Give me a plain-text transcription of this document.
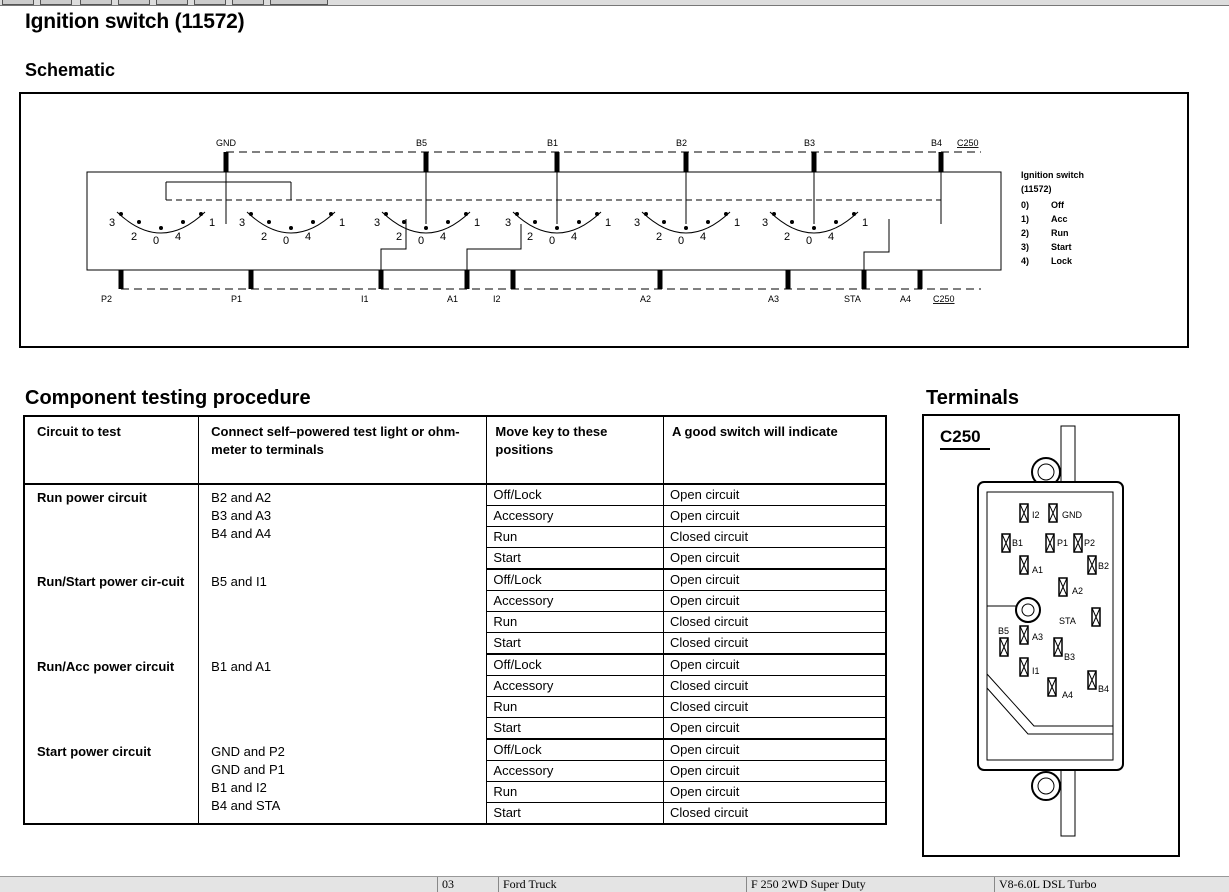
Ignition switch (11572)
Schematic
GND	B5	B1	B2	B3	B4 C250
P2	P1	I1	A1	I2	A2	A3	STA	A4 C250
3
2 0 4
1 3
2 0 4
1	3
2 0 4
1 3
2 0 4
1 3
2 0 4
1 3
2 0 4
1
Ignition switch
(11572)
0) Off
1) Acc
2) Run
3) Start
4) Lock
Component testing procedure	Terminals
Circuit to test	Connect self–powered test light or ohm-meter to terminals	Move key to these positions	A good switch will indicate
Run power circuit	B2 and A2
B3 and A3
B4 and A4	Off/Lock	Open circuit
		Accessory	Open circuit
		Run	Closed circuit
		Start	Open circuit
Run/Start power cir-cuit	B5 and I1	Off/Lock	Open circuit
		Accessory	Open circuit
		Run	Closed circuit
		Start	Closed circuit
Run/Acc power circuit	B1 and A1	Off/Lock	Open circuit
		Accessory	Closed circuit
		Run	Closed circuit
		Start	Open circuit
Start power circuit	GND and P2
GND and P1
B1 and I2
B4 and STA	Off/Lock	Open circuit
		Accessory	Open circuit
		Run	Open circuit
		Start	Closed circuit
C250
I2 GND
B1	P1 P2
A1	B2
A2
STA
B5
A3
B3
I1
A4
B4
03	Ford Truck	F 250 2WD Super Duty	V8-6.0L DSL Turbo
